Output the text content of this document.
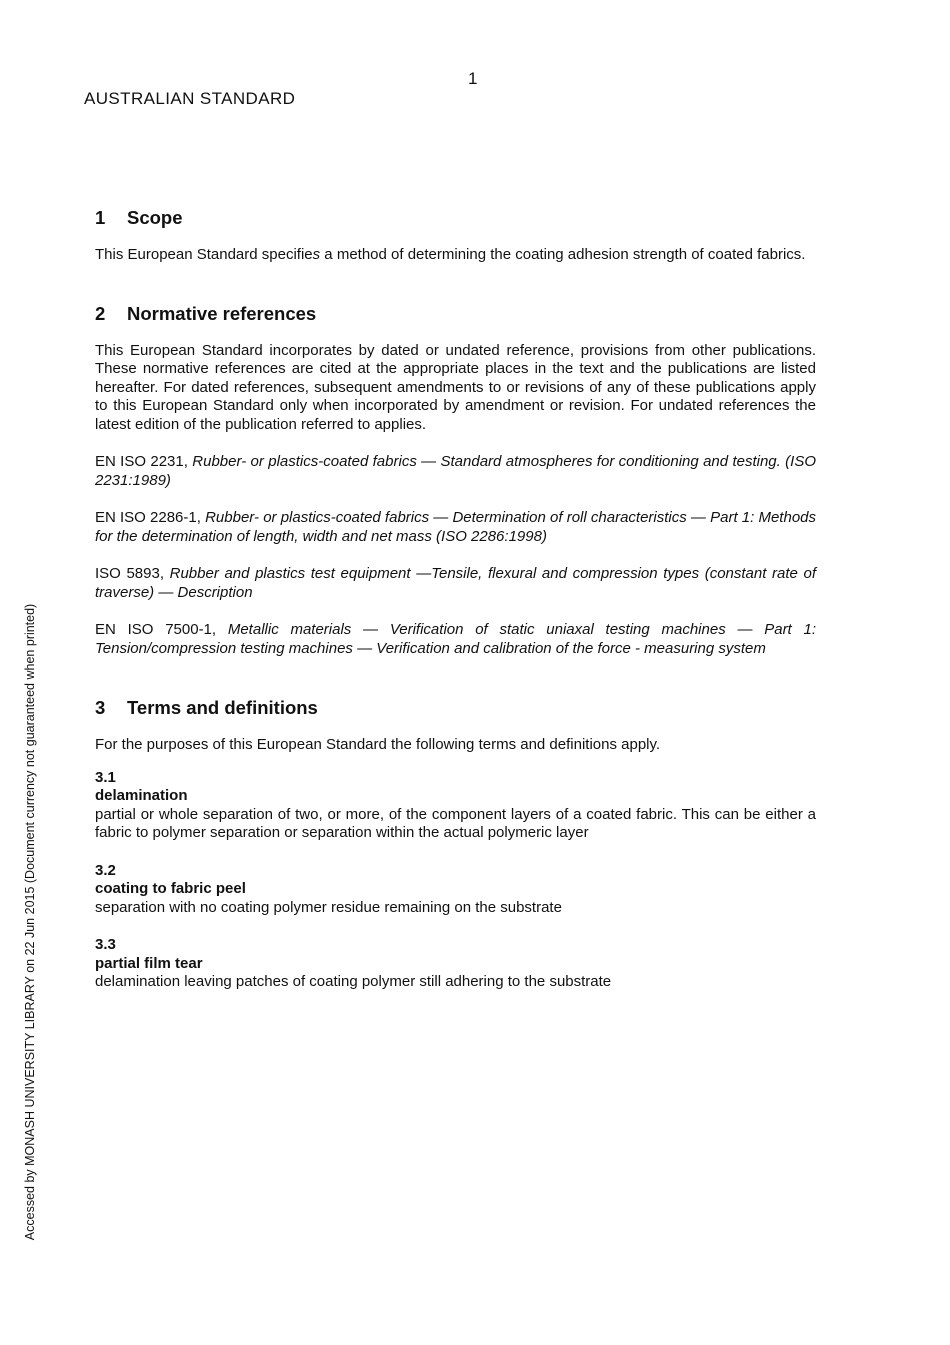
1
AUSTRALIAN STANDARD
Accessed by MONASH UNIVERSITY LIBRARY on 22 Jun 2015 (Document currency not guaranteed when printed)
1 Scope

This European Standard specifies a method of determining the coating adhesion strength of coated fabrics.

2 Normative references

This European Standard incorporates by dated or undated reference, provisions from other publications. These normative references are cited at the appropriate places in the text and the publications are listed hereafter. For dated references, subsequent amendments to or revisions of any of these publications apply to this European Standard only when incorporated by amendment or revision. For undated references the latest edition of the publication referred to applies.

EN ISO 2231, Rubber- or plastics-coated fabrics — Standard atmospheres for conditioning and testing. (ISO 2231:1989)

EN ISO 2286-1, Rubber- or plastics-coated fabrics — Determination of roll characteristics — Part 1: Methods for the determination of length, width and net mass (ISO 2286:1998)

ISO 5893, Rubber and plastics test equipment —Tensile, flexural and compression types (constant rate of traverse) — Description

EN ISO 7500-1, Metallic materials — Verification of static uniaxal testing machines — Part 1: Tension/compression testing machines — Verification and calibration of the force - measuring system

3 Terms and definitions

For the purposes of this European Standard the following terms and definitions apply.

3.1
delamination
partial or whole separation of two, or more, of the component layers of a coated fabric. This can be either a fabric to polymer separation or separation within the actual polymeric layer
3.2
coating to fabric peel
separation with no coating polymer residue remaining on the substrate
3.3
partial film tear
delamination leaving patches of coating polymer still adhering to the substrate
